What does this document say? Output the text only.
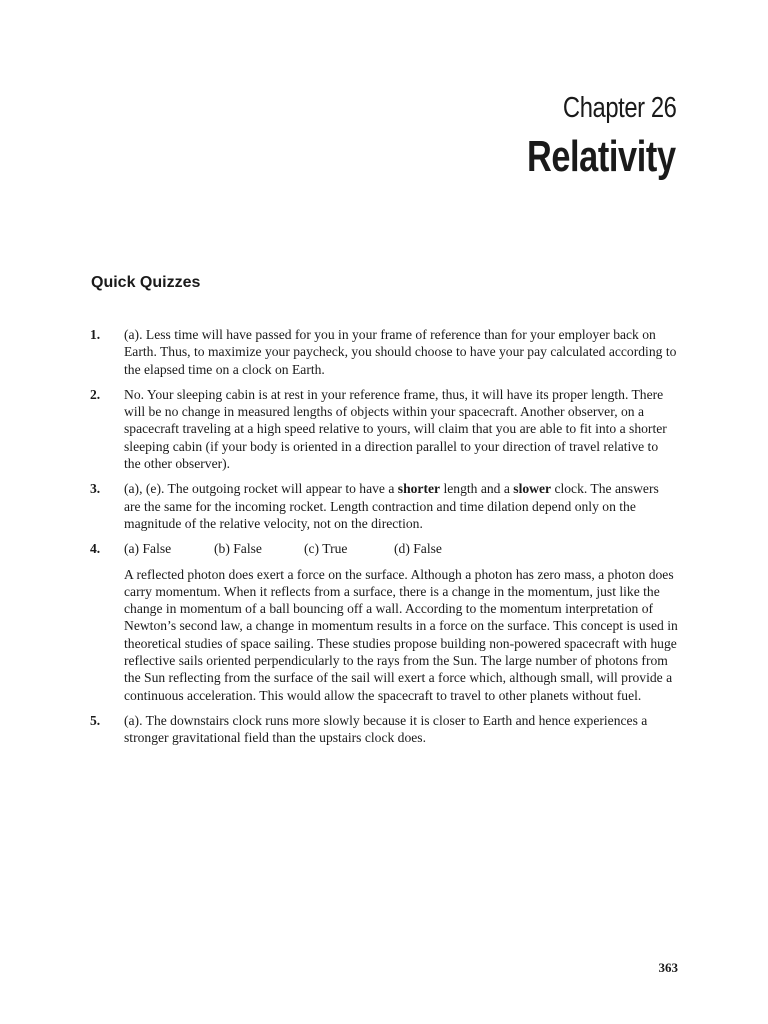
Chapter 26
Relativity
Quick Quizzes
1. (a). Less time will have passed for you in your frame of reference than for your employer back on Earth. Thus, to maximize your paycheck, you should choose to have your pay calculated according to the elapsed time on a clock on Earth.

2. No. Your sleeping cabin is at rest in your reference frame, thus, it will have its proper length. There will be no change in measured lengths of objects within your spacecraft. Another observer, on a spacecraft traveling at a high speed relative to yours, will claim that you are able to fit into a shorter sleeping cabin (if your body is oriented in a direction parallel to your direction of travel relative to the other observer).

3. (a), (e). The outgoing rocket will appear to have a shorter length and a slower clock. The answers are the same for the incoming rocket. Length contraction and time dilation depend only on the magnitude of the relative velocity, not on the direction.

4. (a) False	(b) False	(c) True	(d) False

A reflected photon does exert a force on the surface. Although a photon has zero mass, a photon does carry momentum. When it reflects from a surface, there is a change in the momentum, just like the change in momentum of a ball bouncing off a wall. According to the momentum interpretation of Newton’s second law, a change in momentum results in a force on the surface. This concept is used in theoretical studies of space sailing. These studies propose building non-powered spacecraft with huge reflective sails oriented perpendicularly to the rays from the Sun. The large number of photons from the Sun reflecting from the surface of the sail will exert a force which, although small, will provide a continuous acceleration. This would allow the spacecraft to travel to other planets without fuel.

5. (a). The downstairs clock runs more slowly because it is closer to Earth and hence experiences a stronger gravitational field than the upstairs clock does.

363
